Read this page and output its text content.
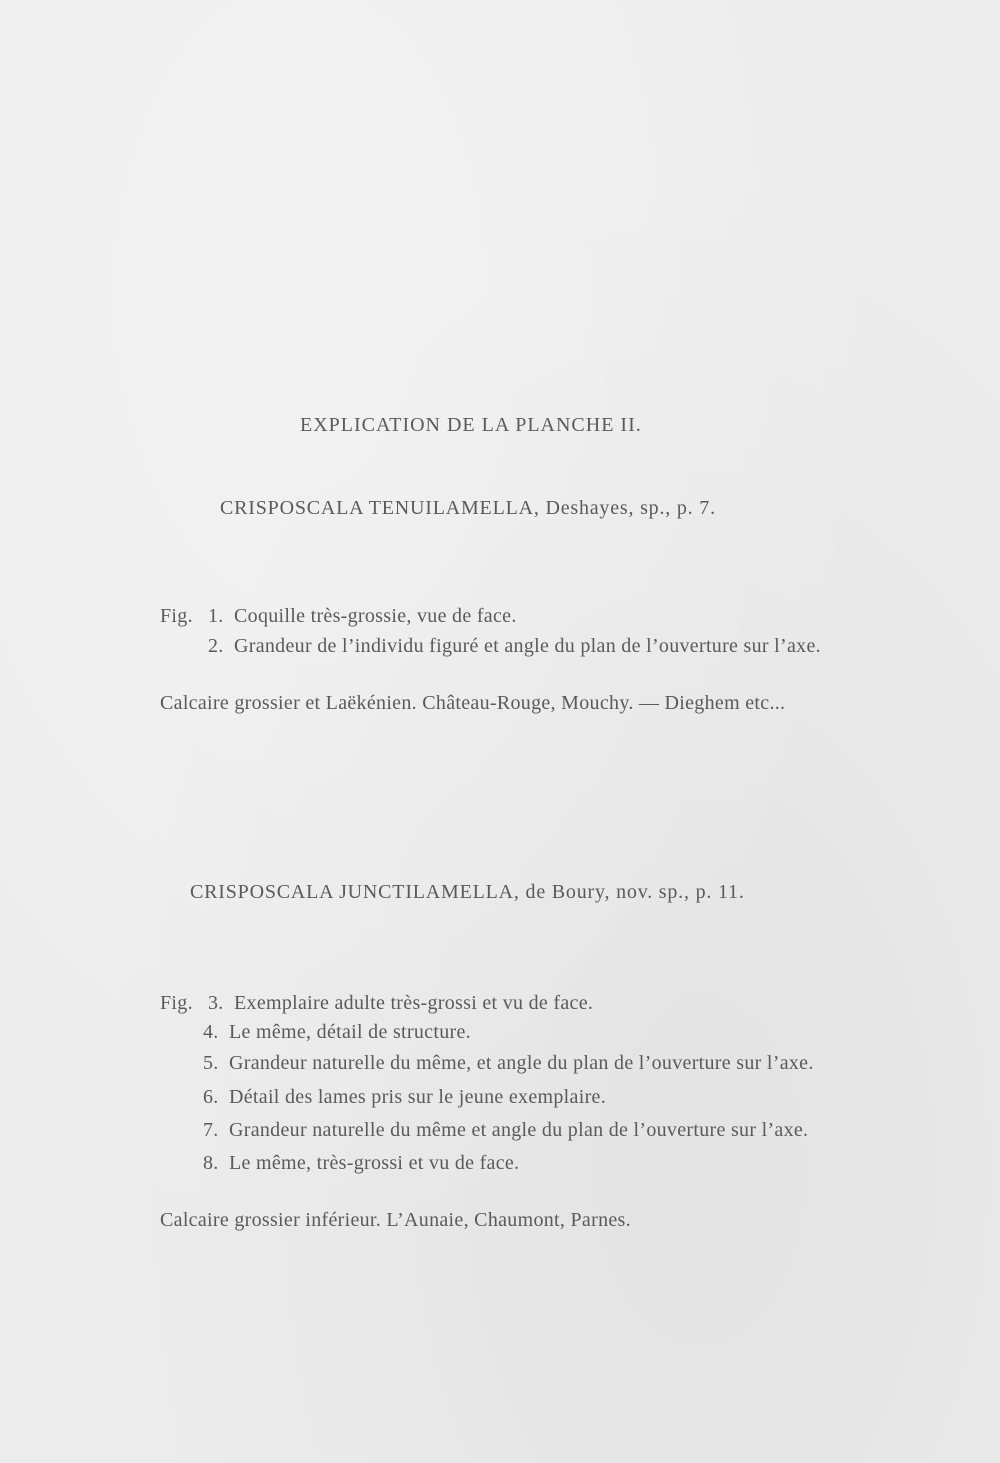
EXPLICATION DE LA PLANCHE II.
CRISPOSCALA TENUILAMELLA, Deshayes, sp., p. 7.
Fig. 1. Coquille très-grossie, vue de face.
2. Grandeur de l’individu figuré et angle du plan de l’ouverture sur l’axe.
Calcaire grossier et Laëkénien. Château-Rouge, Mouchy. — Dieghem etc...
CRISPOSCALA JUNCTILAMELLA, de Boury, nov. sp., p. 11.
Fig. 3. Exemplaire adulte très-grossi et vu de face.
4. Le même, détail de structure.
5. Grandeur naturelle du même, et angle du plan de l’ouverture sur l’axe.
6. Détail des lames pris sur le jeune exemplaire.
7. Grandeur naturelle du même et angle du plan de l’ouverture sur l’axe.
8. Le même, très-grossi et vu de face.
Calcaire grossier inférieur. L’Aunaie, Chaumont, Parnes.
